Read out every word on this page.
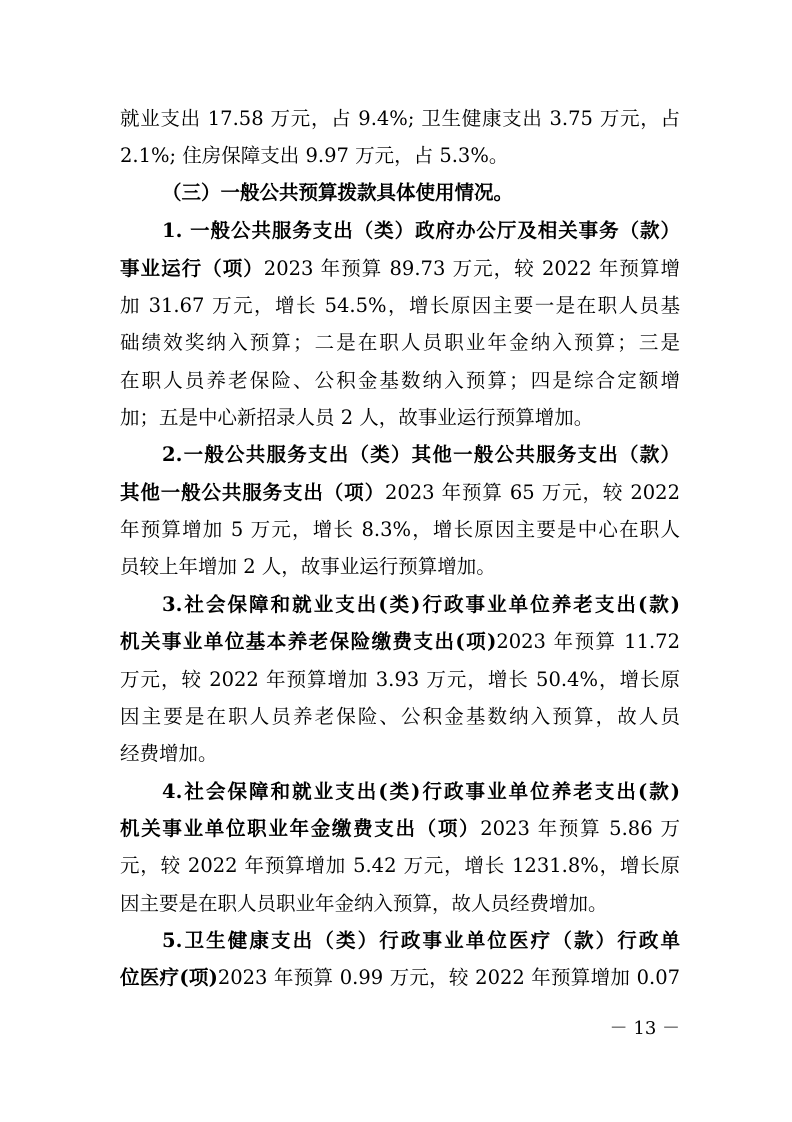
就业支出 17.58 万元，占 9.4%; 卫生健康支出 3.75 万元，占
2.1%; 住房保障支出 9.97 万元，占 5.3%。
（三）一般公共预算拨款具体使用情况。
1. 一般公共服务支出（类）政府办公厅及相关事务（款）
事业运行（项）2023 年预算 89.73 万元，较 2022 年预算增
加 31.67 万元，增长 54.5%，增长原因主要一是在职人员基
础绩效奖纳入预算；二是在职人员职业年金纳入预算；三是
在职人员养老保险、公积金基数纳入预算；四是综合定额增
加；五是中心新招录人员 2 人，故事业运行预算增加。
2.一般公共服务支出（类）其他一般公共服务支出（款）
其他一般公共服务支出（项）2023 年预算 65 万元，较 2022
年预算增加 5 万元，增长 8.3%，增长原因主要是中心在职人
员较上年增加 2 人，故事业运行预算增加。
3.社会保障和就业支出(类)行政事业单位养老支出(款)
机关事业单位基本养老保险缴费支出(项)2023 年预算 11.72
万元，较 2022 年预算增加 3.93 万元，增长 50.4%，增长原
因主要是在职人员养老保险、公积金基数纳入预算，故人员
经费增加。
4.社会保障和就业支出(类)行政事业单位养老支出(款)
机关事业单位职业年金缴费支出（项）2023 年预算 5.86 万
元，较 2022 年预算增加 5.42 万元，增长 1231.8%，增长原
因主要是在职人员职业年金纳入预算，故人员经费增加。
5.卫生健康支出（类）行政事业单位医疗（款）行政单
位医疗(项)2023 年预算 0.99 万元，较 2022 年预算增加 0.07
－ 13 －
